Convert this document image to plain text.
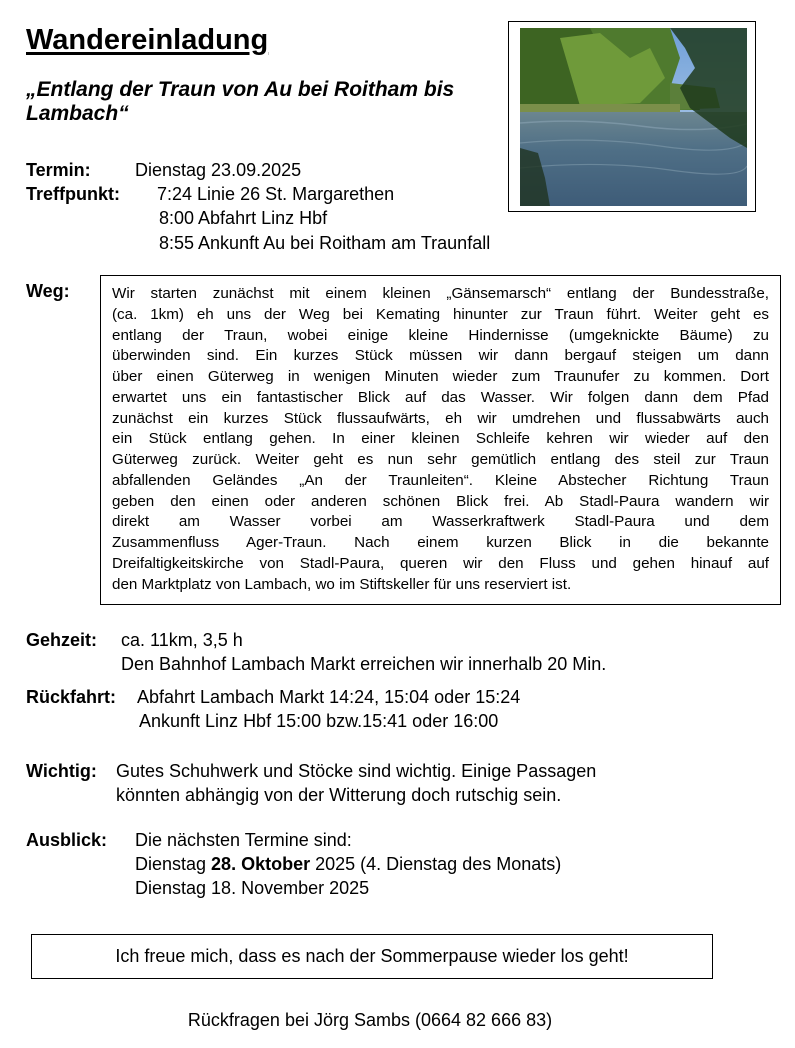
Wandereinladung
„Entlang der Traun von Au bei Roitham bis Lambach“
Termin: Dienstag 23.09.2025
Treffpunkt: 7:24 Linie 26 St. Margarethen
8:00 Abfahrt Linz Hbf
8:55 Ankunft Au bei Roitham am Traunfall
Weg:	Wir starten zunächst mit einem kleinen „Gänsemarsch“ entlang der Bundesstraße,
(ca. 1km) eh uns der Weg bei Kemating hinunter zur Traun führt. Weiter geht es
entlang der Traun, wobei einige kleine Hindernisse (umgeknickte Bäume) zu
überwinden sind. Ein kurzes Stück müssen wir dann bergauf steigen um dann
über einen Güterweg in wenigen Minuten wieder zum Traunufer zu kommen. Dort
erwartet uns ein fantastischer Blick auf das Wasser. Wir folgen dann dem Pfad
zunächst ein kurzes Stück flussaufwärts, eh wir umdrehen und flussabwärts auch
ein Stück entlang gehen. In einer kleinen Schleife kehren wir wieder auf den
Güterweg zurück. Weiter geht es nun sehr gemütlich entlang des steil zur Traun
abfallenden Geländes „An der Traunleiten“. Kleine Abstecher Richtung Traun
geben den einen oder anderen schönen Blick frei. Ab Stadl-Paura wandern wir
direkt am Wasser vorbei am Wasserkraftwerk Stadl-Paura und dem
Zusammenfluss Ager-Traun. Nach einem kurzen Blick in die bekannte
Dreifaltigkeitskirche von Stadl-Paura, queren wir den Fluss und gehen hinauf auf
den Marktplatz von Lambach, wo im Stiftskeller für uns reserviert ist.
Gehzeit: ca. 11km, 3,5 h
Den Bahnhof Lambach Markt erreichen wir innerhalb 20 Min.
Rückfahrt: Abfahrt Lambach Markt 14:24, 15:04 oder 15:24
Ankunft Linz Hbf 15:00 bzw.15:41 oder 16:00
Wichtig: Gutes Schuhwerk und Stöcke sind wichtig. Einige Passagen
könnten abhängig von der Witterung doch rutschig sein.
Ausblick: Die nächsten Termine sind:
Dienstag 28. Oktober 2025 (4. Dienstag des Monats)
Dienstag 18. November 2025
Ich freue mich, dass es nach der Sommerpause wieder los geht!
Rückfragen bei Jörg Sambs (0664 82 666 83)
